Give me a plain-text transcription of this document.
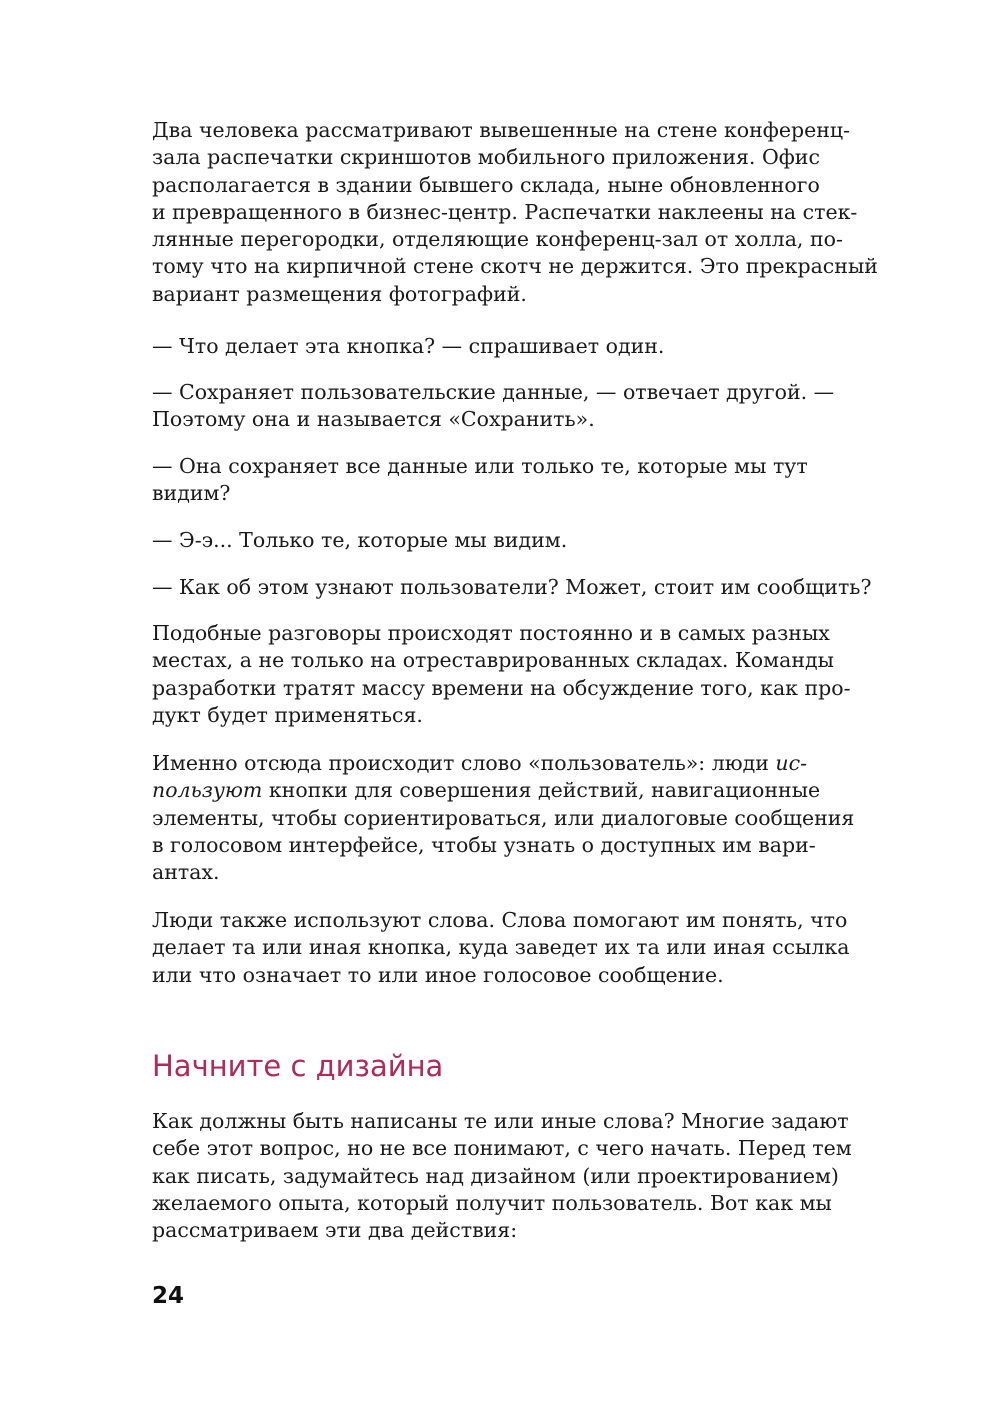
Два человека рассматривают вывешенные на стене конференц-
зала распечатки скриншотов мобильного приложения. Офис
располагается в здании бывшего склада, ныне обновленного
и превращенного в бизнес-центр. Распечатки наклеены на стек-
лянные перегородки, отделяющие конференц-зал от холла, по-
тому что на кирпичной стене скотч не держится. Это прекрасный
вариант размещения фотографий.
— Что делает эта кнопка? — спрашивает один.
— Сохраняет пользовательские данные, — отвечает другой. —
Поэтому она и называется «Сохранить».
— Она сохраняет все данные или только те, которые мы тут
видим?
— Э-э... Только те, которые мы видим.
— Как об этом узнают пользователи? Может, стоит им сообщить?
Подобные разговоры происходят постоянно и в самых разных
местах, а не только на отреставрированных складах. Команды
разработки тратят массу времени на обсуждение того, как про-
дукт будет применяться.
Именно отсюда происходит слово «пользователь»: люди ис-
пользуют кнопки для совершения действий, навигационные
элементы, чтобы сориентироваться, или диалоговые сообщения
в голосовом интерфейсе, чтобы узнать о доступных им вари-
антах.
Люди также используют слова. Слова помогают им понять, что
делает та или иная кнопка, куда заведет их та или иная ссылка
или что означает то или иное голосовое сообщение.
Начните с дизайна
Как должны быть написаны те или иные слова? Многие задают
себе этот вопрос, но не все понимают, с чего начать. Перед тем
как писать, задумайтесь над дизайном (или проектированием)
желаемого опыта, который получит пользователь. Вот как мы
рассматриваем эти два действия:
24
